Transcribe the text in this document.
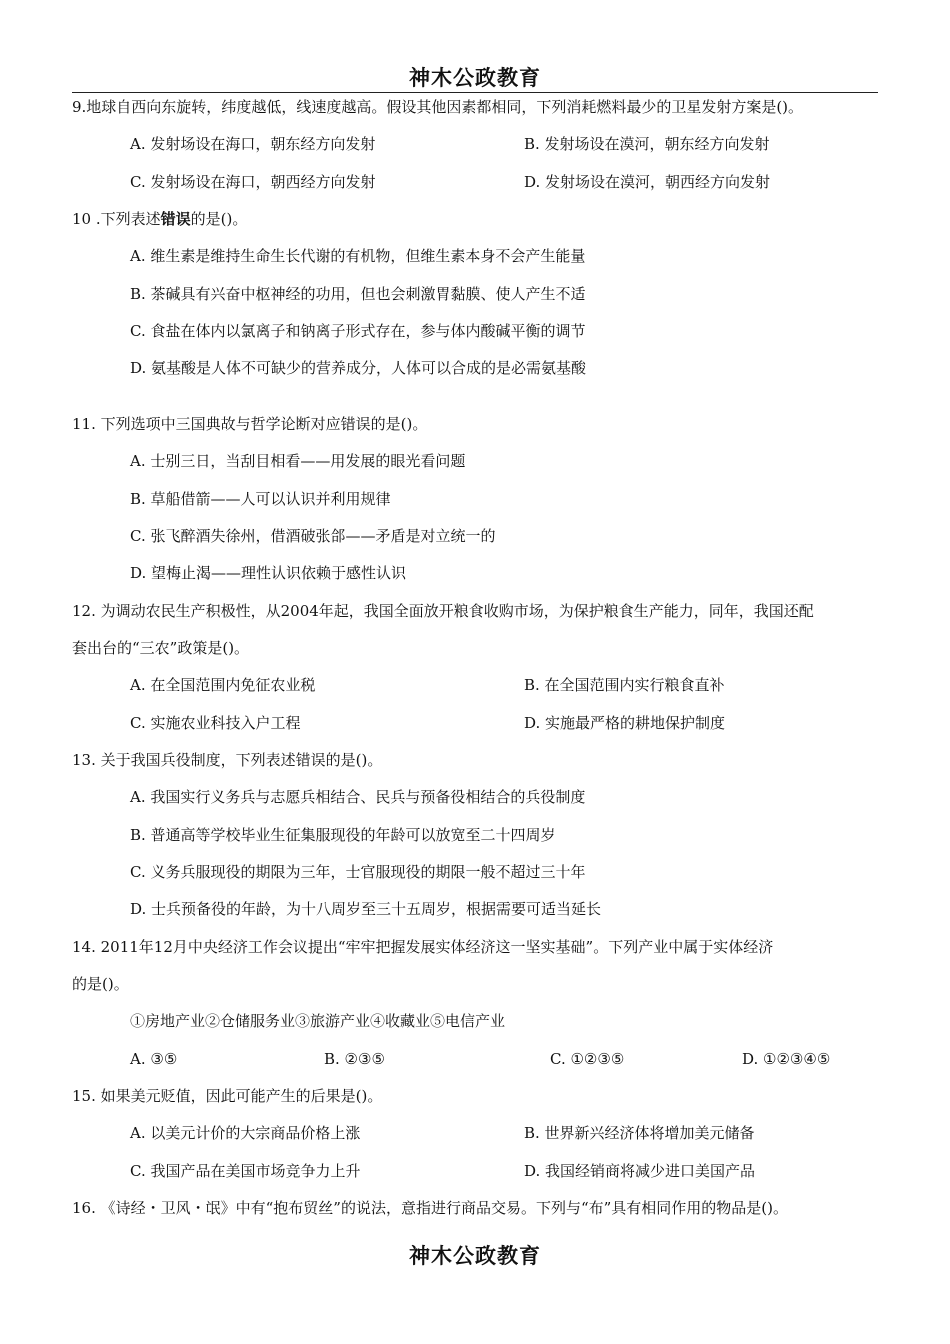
神木公政教育
9.地球自西向东旋转，纬度越低，线速度越高。假设其他因素都相同，下列消耗燃料最少的卫星发射方案是()。
A. 发射场设在海口，朝东经方向发射	B. 发射场设在漠河，朝东经方向发射
C. 发射场设在海口，朝西经方向发射	D. 发射场设在漠河，朝西经方向发射
10 .下列表述错误的是()。
A. 维生素是维持生命生长代谢的有机物，但维生素本身不会产生能量
B. 茶碱具有兴奋中枢神经的功用，但也会刺激胃黏膜、使人产生不适
C. 食盐在体内以氯离子和钠离子形式存在，参与体内酸碱平衡的调节
D. 氨基酸是人体不可缺少的营养成分，人体可以合成的是必需氨基酸
11. 下列选项中三国典故与哲学论断对应错误的是()。
A. 士别三日，当刮目相看——用发展的眼光看问题
B. 草船借箭——人可以认识并利用规律
C. 张飞醉酒失徐州，借酒破张郃——矛盾是对立统一的
D. 望梅止渴——理性认识依赖于感性认识
12. 为调动农民生产积极性，从2004年起，我国全面放开粮食收购市场，为保护粮食生产能力，同年，我国还配
套出台的“三农”政策是()。
A. 在全国范围内免征农业税	B. 在全国范围内实行粮食直补
C. 实施农业科技入户工程	D. 实施最严格的耕地保护制度
13. 关于我国兵役制度，下列表述错误的是()。
A. 我国实行义务兵与志愿兵相结合、民兵与预备役相结合的兵役制度
B. 普通高等学校毕业生征集服现役的年龄可以放宽至二十四周岁
C. 义务兵服现役的期限为三年，士官服现役的期限一般不超过三十年
D. 士兵预备役的年龄，为十八周岁至三十五周岁，根据需要可适当延长
14. 2011年12月中央经济工作会议提出“牢牢把握发展实体经济这一坚实基础”。下列产业中属于实体经济
的是()。
①房地产业②仓储服务业③旅游产业④收藏业⑤电信产业
A. ③⑤	B. ②③⑤	C. ①②③⑤	D. ①②③④⑤
15. 如果美元贬值，因此可能产生的后果是()。
A. 以美元计价的大宗商品价格上涨	B. 世界新兴经济体将增加美元储备
C. 我国产品在美国市场竞争力上升	D. 我国经销商将减少进口美国产品
16. 《诗经・卫风・氓》中有“抱布贸丝”的说法，意指进行商品交易。下列与“布”具有相同作用的物品是()。
神木公政教育
